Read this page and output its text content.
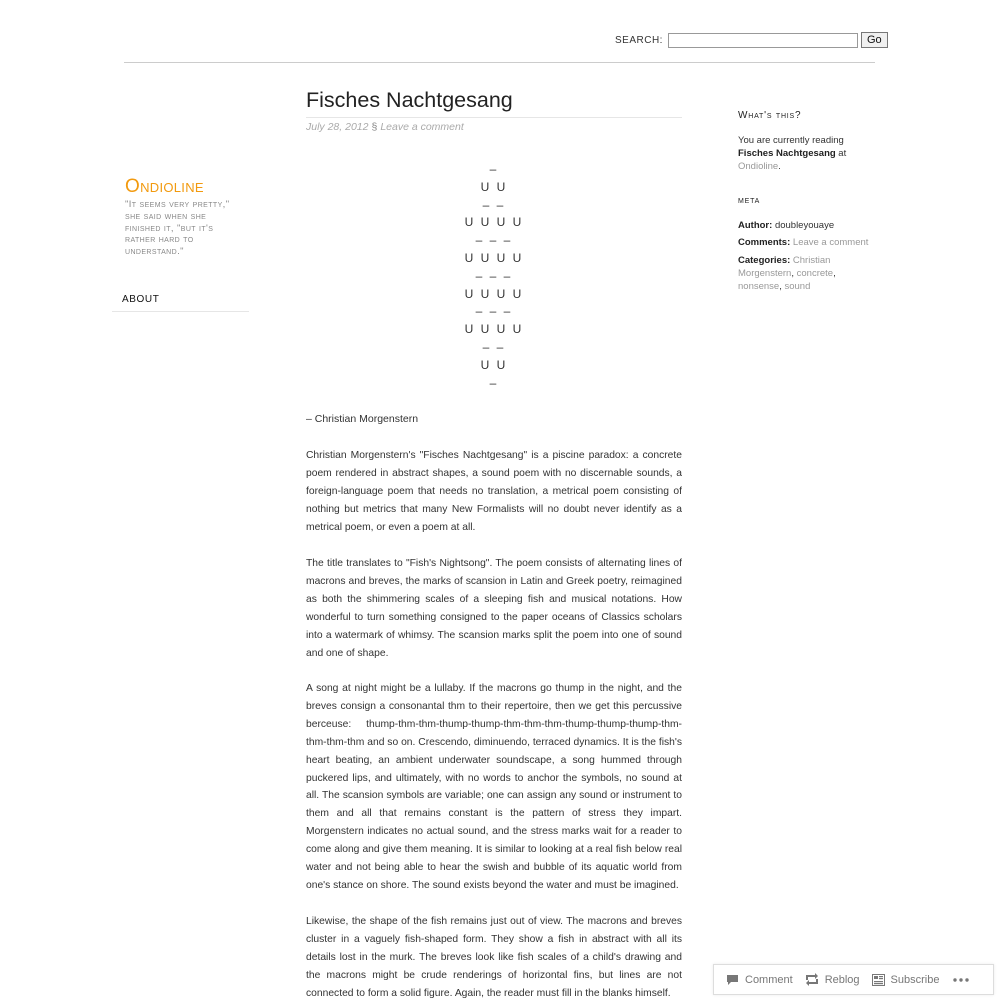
SEARCH:	Go
Ondioline
"It seems very pretty," she said when she finished it, "but it's rather hard to understand."
ABOUT
Fisches Nachtgesang
July 28, 2012 § Leave a comment
–
U U
– –
U U U U
– – –
U U U U
– – –
U U U U
– – –
U U U U
– –
U U
–
– Christian Morgenstern

Christian Morgenstern's "Fisches Nachtgesang" is a piscine paradox: a concrete poem rendered in abstract shapes, a sound poem with no discernable sounds, a foreign-language poem that needs no translation, a metrical poem consisting of nothing but metrics that many New Formalists will no doubt never identify as a metrical poem, or even a poem at all.

The title translates to "Fish's Nightsong". The poem consists of alternating lines of macrons and breves, the marks of scansion in Latin and Greek poetry, reimagined as both the shimmering scales of a sleeping fish and musical notations. How wonderful to turn something consigned to the paper oceans of Classics scholars into a watermark of whimsy. The scansion marks split the poem into one of sound and one of shape.

A song at night might be a lullaby. If the macrons go thump in the night, and the breves consign a consonantal thm to their repertoire, then we get this percussive berceuse: thump-thm-thm-thump-thump-thm-thm-thm-thump-thump-thump-thm-thm-thm-thm and so on. Crescendo, diminuendo, terraced dynamics. It is the fish's heart beating, an ambient underwater soundscape, a song hummed through puckered lips, and ultimately, with no words to anchor the symbols, no sound at all. The scansion symbols are variable; one can assign any sound or instrument to them and all that remains constant is the pattern of stress they impart. Morgenstern indicates no actual sound, and the stress marks wait for a reader to come along and give them meaning. It is similar to looking at a real fish below real water and not being able to hear the swish and bubble of its aquatic world from one's stance on shore. The sound exists beyond the water and must be imagined.

Likewise, the shape of the fish remains just out of view. The macrons and breves cluster in a vaguely fish-shaped form. They show a fish in abstract with all its details lost in the murk. The breves look like fish scales of a child's drawing and the macrons might be crude renderings of horizontal fins, but lines are not connected to form a solid figure. Again, the reader must fill in the blanks himself.

What's this?
You are currently reading Fisches Nachtgesang at
Ondioline.
meta
Author: doubleyouaye
Comments: Leave a comment
Categories: Christian Morgenstern, concrete, nonsense, sound
Comment	Reblog	Subscribe
